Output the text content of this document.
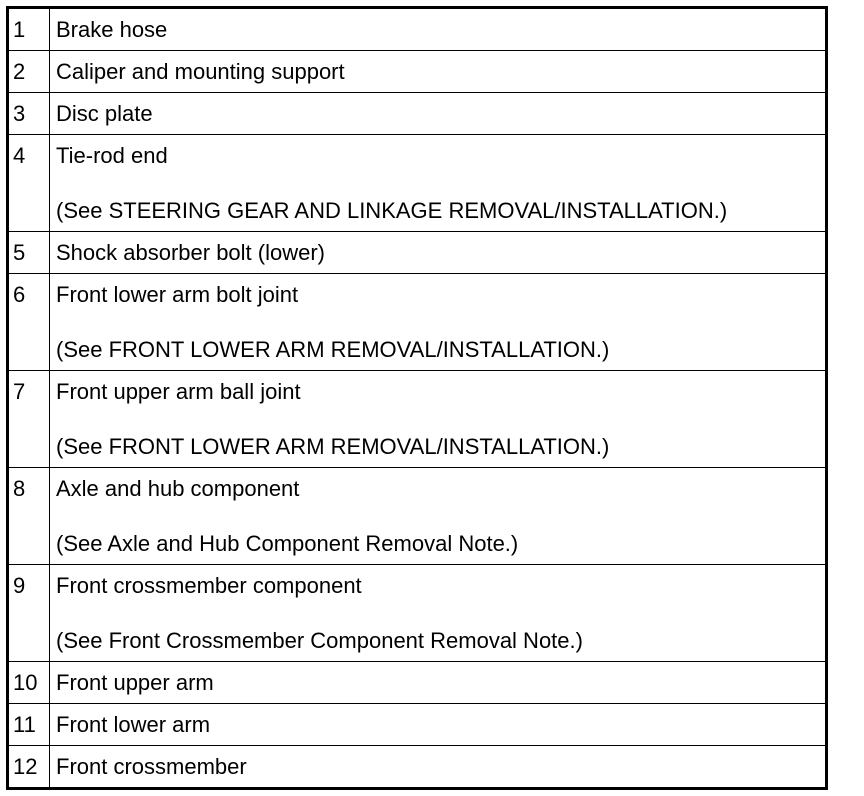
1	Brake hose

2	Caliper and mounting support

3	Disc plate

4	Tie-rod end
(See STEERING GEAR AND LINKAGE REMOVAL/INSTALLATION.)

5	Shock absorber bolt (lower)

6	Front lower arm bolt joint
(See FRONT LOWER ARM REMOVAL/INSTALLATION.)

7	Front upper arm ball joint
(See FRONT LOWER ARM REMOVAL/INSTALLATION.)

8	Axle and hub component
(See Axle and Hub Component Removal Note.)

9	Front crossmember component
(See Front Crossmember Component Removal Note.)

10	Front upper arm

11	Front lower arm

12	Front crossmember
